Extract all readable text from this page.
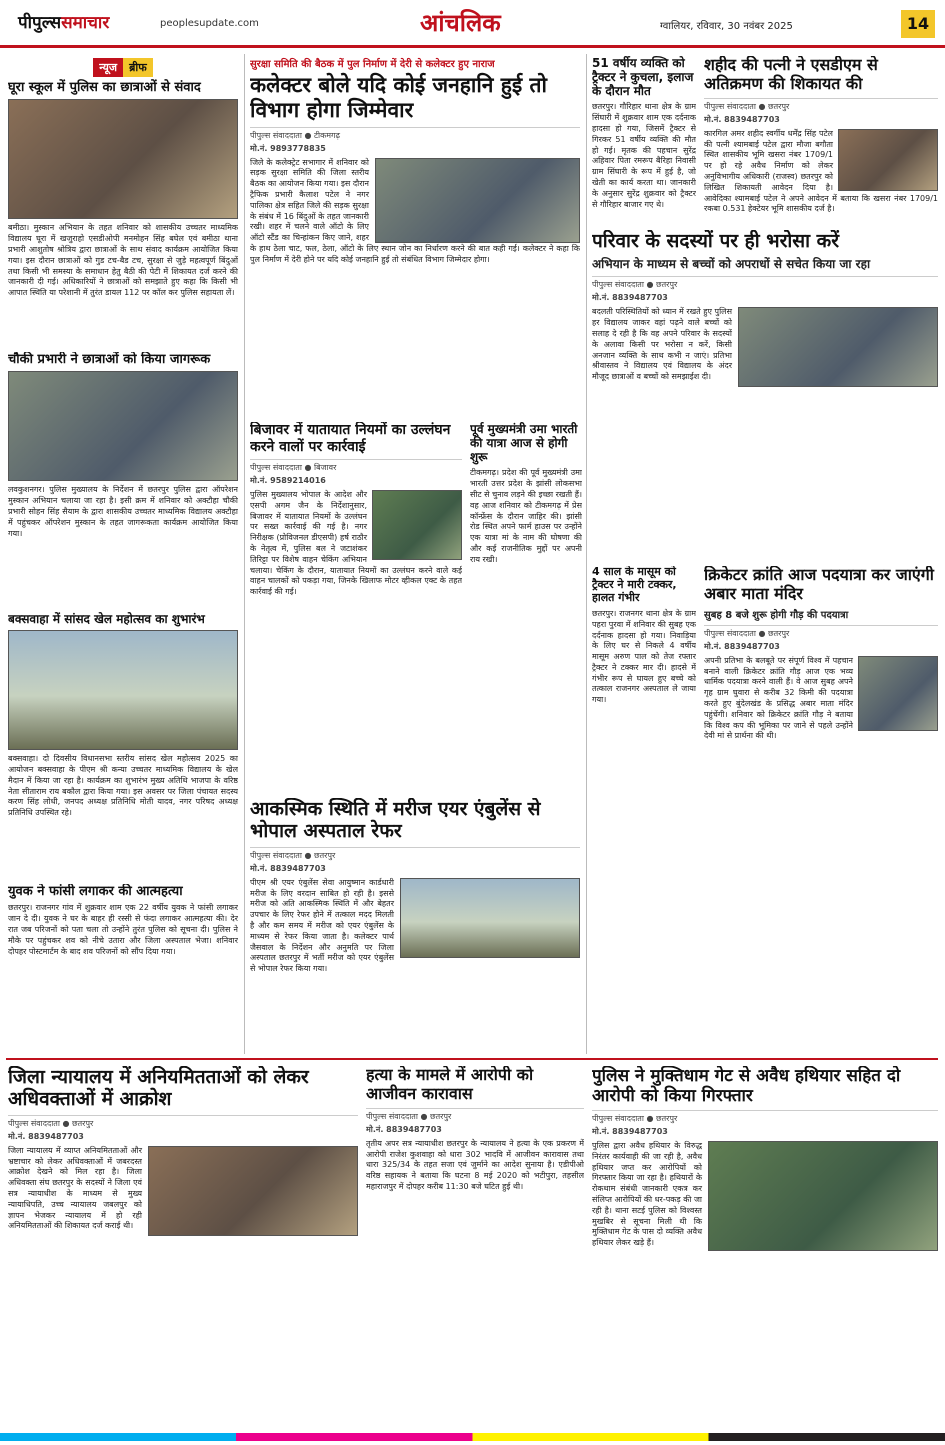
पीपुल्ससमाचार	peoplesupdate.com	आंचलिक	ग्वालियर, रविवार, 30 नवंबर 2025	14
न्यूज ब्रीफ
घूरा स्कूल में पुलिस का छात्राओं से संवाद
बमीठा। मुस्कान अभियान के तहत शनिवार को शासकीय उच्चतर माध्यमिक विद्यालय घूरा में खजुराहो एसडीओपी मनमोहन सिंह बघेल एवं बमीठा थाना प्रभारी आशुतोष श्रोत्रिय द्वारा छात्राओं के साथ संवाद कार्यक्रम आयोजित किया गया। इस दौरान छात्राओं को गुड टच-बैड टच, सुरक्षा से जुड़े महत्वपूर्ण बिंदुओं तथा किसी भी समस्या के समाधान हेतु बैठी की पेटी में शिकायत दर्ज करने की जानकारी दी गई। अधिकारियों ने छात्राओं को समझाते हुए कहा कि किसी भी आपात स्थिति या परेशानी में तुरंत डायल 112 पर कॉल कर पुलिस सहायता लें।
चौकी प्रभारी ने छात्राओं को किया जागरूक
लवकुशनगर। पुलिस मुख्यालय के निर्देशन में छतरपुर पुलिस द्वारा ऑपरेशन मुस्कान अभियान चलाया जा रहा है। इसी क्रम में शनिवार को अक्टौहा चौकी प्रभारी सोहन सिंह सैयाम के द्वारा शासकीय उच्चतर माध्यमिक विद्यालय अक्टौहा में पहुंचकर ऑपरेशन मुस्कान के तहत जागरूकता कार्यक्रम आयोजित किया गया।
बक्सवाहा में सांसद खेल महोत्सव का शुभारंभ
बक्सवाहा। दो दिवसीय विधानसभा स्तरीय सांसद खेल महोत्सव 2025 का आयोजन बक्सवाहा के पीएम श्री कन्या उच्चतर माध्यमिक विद्यालय के खेल मैदान में किया जा रहा है। कार्यक्रम का शुभारंभ मुख्य अतिथि भाजपा के वरिष्ठ नेता सीताराम राय बकौल द्वारा किया गया। इस अवसर पर जिला पंचायत सदस्य करण सिंह लोधी, जनपद अध्यक्ष प्रतिनिधि मोती यादव, नगर परिषद अध्यक्ष प्रतिनिधि उपस्थित रहे।
युवक ने फांसी लगाकर की आत्महत्या
छतरपुर। राजनगर गांव में शुक्रवार शाम एक 22 वर्षीय युवक ने फांसी लगाकर जान दे दी। युवक ने घर के बाहर ही रस्सी से फंदा लगाकर आत्महत्या की। देर रात जब परिजनों को पता चला तो उन्होंने तुरंत पुलिस को सूचना दी। पुलिस ने मौके पर पहुंचकर शव को नीचे उतारा और जिला अस्पताल भेजा। शनिवार दोपहर पोस्टमार्टम के बाद शव परिजनों को सौंप दिया गया।
सुरक्षा समिति की बैठक में पुल निर्माण में देरी से कलेक्टर हुए नाराज
कलेक्टर बोले यदि कोई जनहानि हुई तो विभाग होगा जिम्मेवार
पीपुल्स संवाददाता ● टीकमगढ़
मो.नं. 9893778835
जिले के कलेक्ट्रेट सभागार में शनिवार को सड़क सुरक्षा समिति की जिला स्तरीय बैठक का आयोजन किया गया। इस दौरान ट्रैफिक प्रभारी कैलाश पटेल ने नगर पालिका क्षेत्र सहित जिले की सड़क सुरक्षा के संबंध में 16 बिंदुओं के तहत जानकारी रखी। शहर में चलने वाले ऑटो के लिए ऑटो स्टैंड का चिन्हांकन किए जाने, शहर के हाथ ठेला चाट, फल, ठेला, ऑटो के लिए स्थान जोन का निर्धारण करने की बात कही गई। कलेक्टर ने कहा कि पुल निर्माण में देरी होने पर यदि कोई जनहानि हुई तो संबंधित विभाग जिम्मेदार होगा।
बिजावर में यातायात नियमों का उल्लंघन करने वालों पर कार्रवाई
पीपुल्स संवाददाता ● बिजावर
मो.नं. 9589214016
पुलिस मुख्यालय भोपाल के आदेश और एसपी अगम जैन के निर्देशानुसार, बिजावर में यातायात नियमों के उल्लंघन पर सख्त कार्रवाई की गई है। नगर निरीक्षक (प्रोविजनल डीएसपी) हर्ष राठौर के नेतृत्व में, पुलिस बल ने जटाशंकर तिरिट्टा पर विशेष वाहन चेकिंग अभियान चलाया। चेकिंग के दौरान, यातायात नियमों का उल्लंघन करने वाले कई वाहन चालकों को पकड़ा गया, जिनके खिलाफ मोटर व्हीकल एक्ट के तहत कार्रवाई की गई।
पूर्व मुख्यमंत्री उमा भारती की यात्रा आज से होगी शुरू
टीकमगढ़। प्रदेश की पूर्व मुख्यमंत्री उमा भारती उत्तर प्रदेश के झांसी लोकसभा सीट से चुनाव लड़ने की इच्छा रखती हैं। वह आज शनिवार को टीकमगढ़ में प्रेस कॉन्फ्रेंस के दौरान जाहिर की। झांसी रोड स्थित अपने फार्म हाउस पर उन्होंने एक यात्रा मां के नाम की घोषणा की और कई राजनीतिक मुद्दों पर अपनी राय रखी।
आकस्मिक स्थिति में मरीज एयर एंबुलेंस से भोपाल अस्पताल रेफर
पीपुल्स संवाददाता ● छतरपुर
मो.नं. 8839487703
पीएम श्री एयर एंबुलेंस सेवा आयुष्मान कार्डधारी मरीज के लिए वरदान साबित हो रही है। इससे मरीज को अति आकस्मिक स्थिति में और बेहतर उपचार के लिए रेफर होने में तत्काल मदद मिलती है और कम समय में मरीज को एयर एंबुलेंस के माध्यम से रेफर किया जाता है। कलेक्टर पार्थ जैसवाल के निर्देशन और अनुमति पर जिला अस्पताल छतरपुर में भर्ती मरीज को एयर एंबुलेंस से भोपाल रेफर किया गया।
51 वर्षीय व्यक्ति को ट्रैक्टर ने कुचला, इलाज के दौरान मौत
छतरपुर। गौरिहार थाना क्षेत्र के ग्राम सिंघारी में शुक्रवार शाम एक दर्दनाक हादसा हो गया, जिसमें ट्रैक्टर से गिरकर 51 वर्षीय व्यक्ति की मौत हो गई। मृतक की पहचान सुरेंद्र अहिवार पिता रमरूप बैरिहा निवासी ग्राम सिंघारी के रूप में हुई है, जो खेती का कार्य करता था। जानकारी के अनुसार सुरेंद्र शुक्रवार को ट्रैक्टर से गौरिहार बाजार गए थे।
शहीद की पत्नी ने एसडीएम से अतिक्रमण की शिकायत की
पीपुल्स संवाददाता ● छतरपुर
मो.नं. 8839487703
कारगिल अमर शहीद स्वर्गीय धर्मेंद्र सिंह पटेल की पत्नी श्यामबाई पटेल द्वारा मौजा बगौता स्थित शासकीय भूमि खसरा नंबर 1709/1 पर हो रहे अवैध निर्माण को लेकर अनुविभागीय अधिकारी (राजस्व) छतरपुर को लिखित शिकायती आवेदन दिया है। आवेदिका श्यामबाई पटेल ने अपने आवेदन में बताया कि खसरा नंबर 1709/1 रकबा 0.531 हेक्टेयर भूमि शासकीय दर्ज है।
परिवार के सदस्यों पर ही भरोसा करें
अभियान के माध्यम से बच्चों को अपराधों से सचेत किया जा रहा
पीपुल्स संवाददाता ● छतरपुर
मो.नं. 8839487703
बदलती परिस्थितियों को ध्यान में रखते हुए पुलिस हर विद्यालय जाकर वहां पढ़ने वाले बच्चों को सलाह दे रही है कि वह अपने परिवार के सदस्यों के अलावा किसी पर भरोसा न करें, किसी अनजान व्यक्ति के साथ कभी न जाएं। प्रतिभा श्रीवास्तव ने विद्यालय एवं विद्यालय के अंदर मौजूद छात्राओं व बच्चों को समझाईश दी।
4 साल के मासूम को ट्रैक्टर ने मारी टक्कर, हालत गंभीर
छतरपुर। राजनगर थाना क्षेत्र के ग्राम पहरा पुरवा में शनिवार की सुबह एक दर्दनाक हादसा हो गया। निवाड़िया के लिए घर से निकले 4 वर्षीय मासूम अरुण पाल को तेज रफ्तार ट्रैक्टर ने टक्कर मार दी। हादसे में गंभीर रूप से घायल हुए बच्चे को तत्काल राजनगर अस्पताल ले जाया गया।
क्रिकेटर क्रांति आज पदयात्रा कर जाएंगी अबार माता मंदिर
सुबह 8 बजे शुरू होगी गौड़ की पदयात्रा
पीपुल्स संवाददाता ● छतरपुर
मो.नं. 8839487703
अपनी प्रतिभा के बलबूते पर संपूर्ण विश्व में पहचान बनाने वाली क्रिकेटर क्रांति गौड़ आज एक भव्य धार्मिक पदयात्रा करने वाली हैं। वे आज सुबह अपने गृह ग्राम घुवारा से करीब 32 किमी की पदयात्रा करते हुए बुंदेलखंड के प्रसिद्ध अबार माता मंदिर पहुंचेंगी। शनिवार को क्रिकेटर क्रांति गौड़ ने बताया कि विश्व कप की भूमिका पर जाने से पहले उन्होंने देवी मां से प्रार्थना की थी।
जिला न्यायालय में अनियमितताओं को लेकर अधिवक्ताओं में आक्रोश
पीपुल्स संवाददाता ● छतरपुर
मो.नं. 8839487703
जिला न्यायालय में व्याप्त अनियमितताओं और भ्रष्टाचार को लेकर अधिवक्ताओं में जबरदस्त आक्रोश देखने को मिल रहा है। जिला अधिवक्ता संघ छतरपुर के सदस्यों ने जिला एवं सत्र न्यायाधीश के माध्यम से मुख्य न्यायाधिपति, उच्च न्यायालय जबलपुर को ज्ञापन भेजकर न्यायालय में हो रही अनियमितताओं की शिकायत दर्ज कराई थी।
हत्या के मामले में आरोपी को आजीवन कारावास
पीपुल्स संवाददाता ● छतरपुर
मो.नं. 8839487703
तृतीय अपर सत्र न्यायाधीश छतरपुर के न्यायालय ने हत्या के एक प्रकरण में आरोपी राजेश कुशवाहा को धारा 302 भादवि में आजीवन कारावास तथा धारा 325/34 के तहत सजा एवं जुर्माने का आदेश सुनाया है। एडीपीओ वरिष्ठ सहायक ने बताया कि घटना 8 मई 2020 को भटीपुरा, तहसील महाराजपुर में दोपहर करीब 11:30 बजे घटित हुई थी।
पुलिस ने मुक्तिधाम गेट से अवैध हथियार सहित दो आरोपी को किया गिरफ्तार
पीपुल्स संवाददाता ● छतरपुर
मो.नं. 8839487703
पुलिस द्वारा अवैध हथियार के विरुद्ध निरंतर कार्यवाही की जा रही है, अवैध हथियार जप्त कर आरोपियों को गिरफ्तार किया जा रहा है। हथियारों के रोकथाम संबंधी जानकारी एकत्र कर संलिप्त आरोपियों की धर-पकड़ की जा रही है। थाना सटई पुलिस को विश्वस्त मुखबिर से सूचना मिली थी कि मुक्तिधाम गेट के पास दो व्यक्ति अवैध हथियार लेकर खड़े हैं।
